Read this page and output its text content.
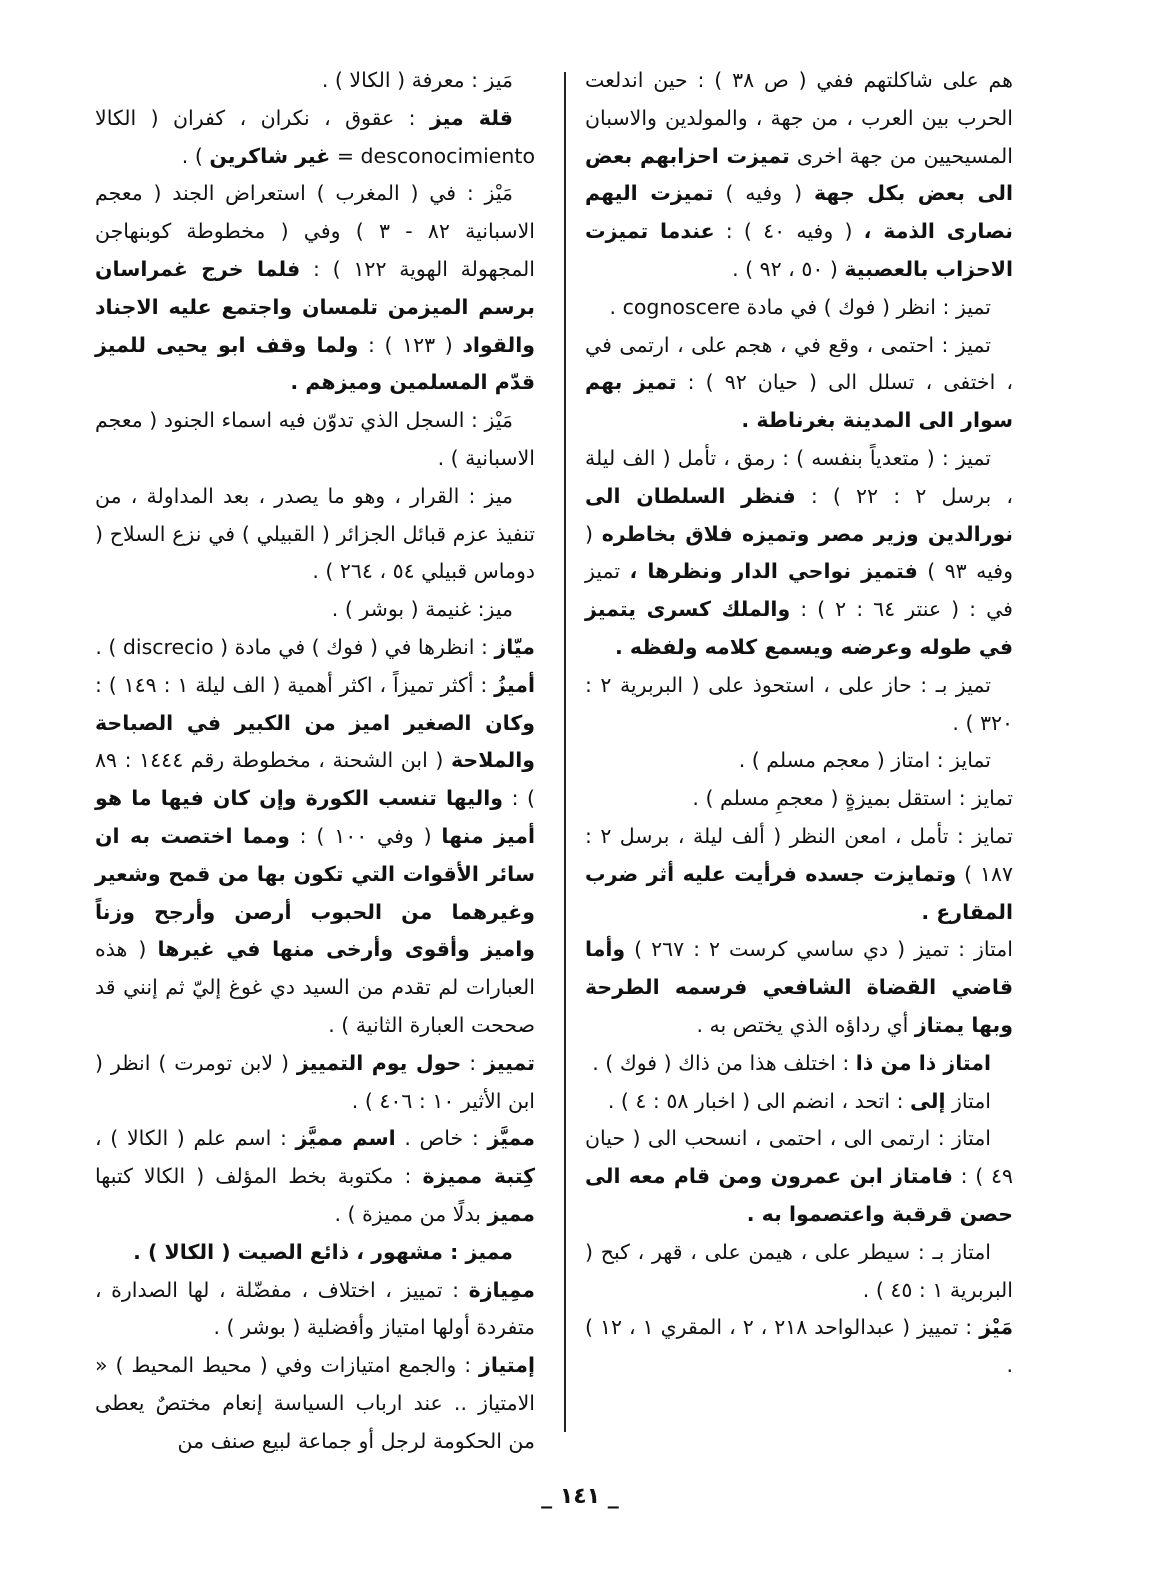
هم على شاكلتهم ففي ( ص ٣٨ ) : حين اندلعت الحرب بين العرب ، من جهة ، والمولدين والاسبان المسيحيين من جهة اخرى تميزت احزابهم بعض الى بعض بكل جهة ( وفيه ) تميزت اليهم نصارى الذمة ، ( وفيه ٤٠ ) : عندما تميزت الاحزاب بالعصبية ( ٥٠ ، ٩٢ ) .

تميز : انظر ( فوك ) في مادة cognoscere .

تميز : احتمى ، وقع في ، هجم على ، ارتمى في ، اختفى ، تسلل الى ( حيان ٩٢ ) : تميز بهم سوار الى المدينة بغرناطة .

تميز : ( متعدياً بنفسه ) : رمق ، تأمل ( الف ليلة ، برسل ٢ : ٢٢ ) : فنظر السلطان الى نورالدين وزير مصر وتميزه فلاق بخاطره ( وفيه ٩٣ ) فتميز نواحي الدار ونظرها ، تميز في : ( عنتر ٦٤ : ٢ ) : والملك كسرى يتميز في طوله وعرضه ويسمع كلامه ولفظه .

تميز بـ : حاز على ، استحوذ على ( البربرية ٢ : ٣٢٠ ) .

تمايز : امتاز ( معجم مسلم ) .

تمايز : استقل بميزةٍ ( معجمِ مسلم ) .

تمايز : تأمل ، امعن النظر ( ألف ليلة ، برسل ٢ : ١٨٧ ) وتمايزت جسده فرأيت عليه أثر ضرب المقارع .

امتاز : تميز ( دي ساسي كرست ٢ : ٢٦٧ ) وأما قاضي القضاة الشافعي فرسمه الطرحة وبها يمتاز أي رداؤه الذي يختص به .

امتاز ذا من ذا : اختلف هذا من ذاك ( فوك ) .

امتاز إلى : اتحد ، انضم الى ( اخبار ٥٨ : ٤ ) .

امتاز : ارتمى الى ، احتمى ، انسحب الى ( حيان ٤٩ ) : فامتاز ابن عمرون ومن قام معه الى حصن قرقبة واعتصموا به .

امتاز بـ : سيطر على ، هيمن على ، قهر ، كبح ( البربرية ١ : ٤٥ ) .

مَيْز : تمييز ( عبدالواحد ٢١٨ ، ٢ ، المقري ١ ، ١٢ ) .

مَيز : معرفة ( الكالا ) .

قلة ميز : عقوق ، نكران ، كفران ( الكالا desconocimiento = غير شاكرين ) .

مَيْز : في ( المغرب ) استعراض الجند ( معجم الاسبانية ٨٢ - ٣ ) وفي ( مخطوطة كوبنهاجن المجهولة الهوية ١٢٢ ) : فلما خرج غمراسان برسم الميزمن تلمسان واجتمع عليه الاجناد والقواد ( ١٢٣ ) : ولما وقف ابو يحيى للميز قدّم المسلمين وميزهم .

مَيْز : السجل الذي تدوّن فيه اسماء الجنود ( معجم الاسبانية ) .

ميز : القرار ، وهو ما يصدر ، بعد المداولة ، من تنفيذ عزم قبائل الجزائر ( القبيلي ) في نزع السلاح ( دوماس قبيلي ٥٤ ، ٢٦٤ ) .

ميز: غنيمة ( بوشر ) .

ميّاز : انظرها في ( فوك ) في مادة ( discrecio ) .

أميزُ : أكثر تميزاً ، اكثر أهمية ( الف ليلة ١ : ١٤٩ ) : وكان الصغير اميز من الكبير في الصباحة والملاحة ( ابن الشحنة ، مخطوطة رقم ١٤٤٤ : ٨٩ ) : واليها تنسب الكورة وإن كان فيها ما هو أميز منها ( وفي ١٠٠ ) : ومما اختصت به ان سائر الأقوات التي تكون بها من قمح وشعير وغيرهما من الحبوب أرصن وأرجح وزناً واميز وأقوى وأرخى منها في غيرها ( هذه العبارات لم تقدم من السيد دي غوغ إليّ ثم إنني قد صححت العبارة الثانية ) .

تمييز : حول يوم التمييز ( لابن تومرت ) انظر ( ابن الأثير ١٠ : ٤٠٦ ) .

مميَّز : خاص . اسم مميَّز : اسم علم ( الكالا ) ، كِتبة مميزة : مكتوبة بخط المؤلف ( الكالا كتبها مميز بدلًا من مميزة ) .

مميز : مشهور ، ذائع الصيت ( الكالا ) .

ممِيازة : تمييز ، اختلاف ، مفضّلة ، لها الصدارة ، متفردة أولها امتياز وأفضلية ( بوشر ) .

إمتياز : والجمع امتيازات وفي ( محيط المحيط ) « الامتياز .. عند ارباب السياسة إنعام مختصٌ يعطى من الحكومة لرجل أو جماعة لبيع صنف من

_ ١٤١ _
